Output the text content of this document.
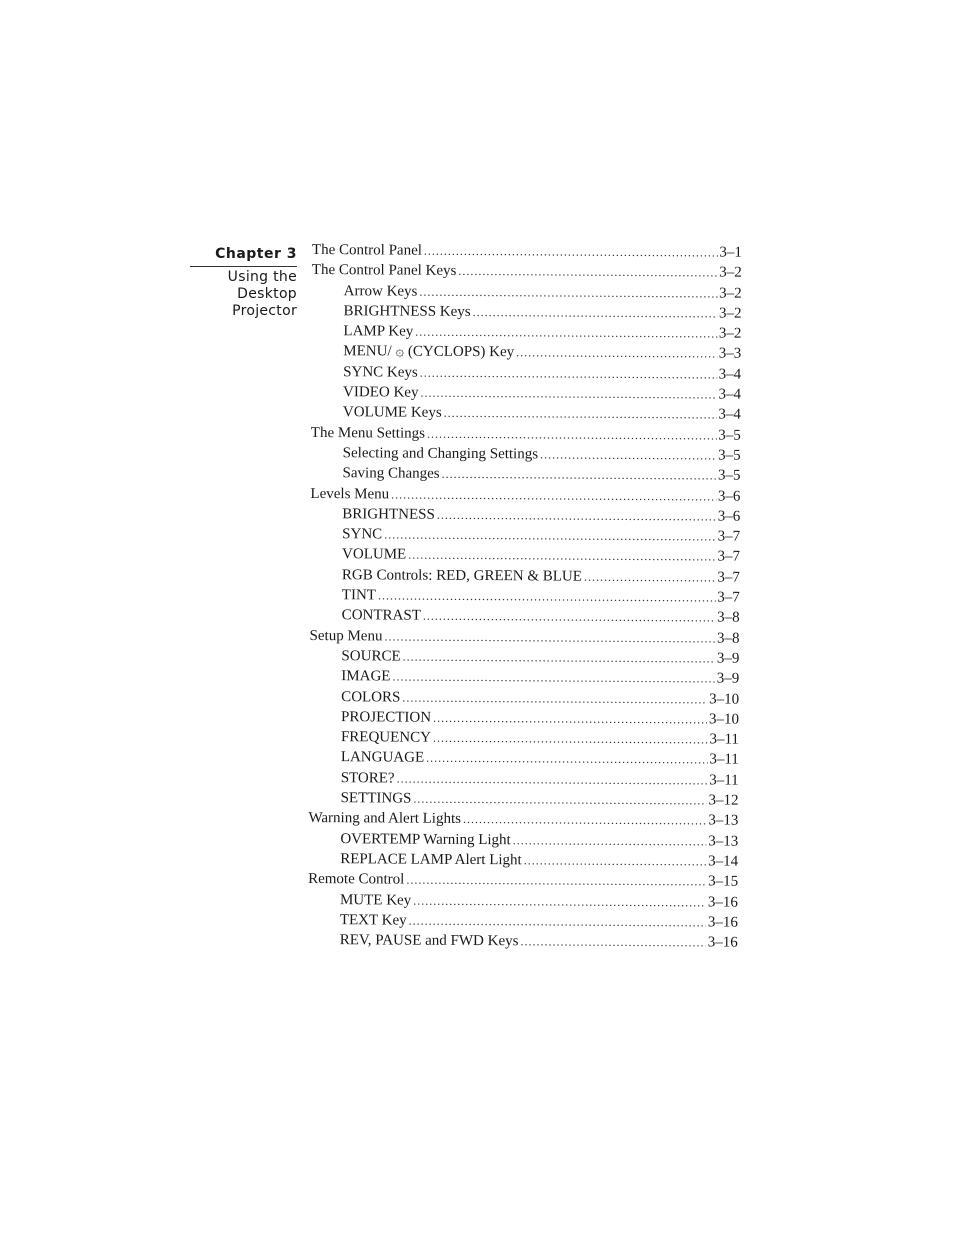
Chapter 3

Using the
Desktop
Projector

The Control Panel .....	3–1
The Control Panel Keys .....	3–2
Arrow Keys .....	3–2
BRIGHTNESS Keys .....	3–2
LAMP Key .....	3–2
MENU/ ۞ (CYCLOPS) Key .....	3–3
SYNC Keys .....	3–4
VIDEO Key .....	3–4
VOLUME Keys .....	3–4
The Menu Settings .....	3–5
Selecting and Changing Settings .....	3–5
Saving Changes .....	3–5
Levels Menu .....	3–6
BRIGHTNESS .....	3–6
SYNC .....	3–7
VOLUME .....	3–7
RGB Controls: RED, GREEN & BLUE .....	3–7
TINT .....	3–7
CONTRAST .....	3–8
Setup Menu .....	3–8
SOURCE .....	3–9
IMAGE .....	3–9
COLORS .....	3–10
PROJECTION .....	3–10
FREQUENCY .....	3–11
LANGUAGE .....	3–11
STORE? .....	3–11
SETTINGS .....	3–12
Warning and Alert Lights .....	3–13
OVERTEMP Warning Light .....	3–13
REPLACE LAMP Alert Light .....	3–14
Remote Control .....	3–15
MUTE Key .....	3–16
TEXT Key .....	3–16
REV, PAUSE and FWD Keys .....	3–16
